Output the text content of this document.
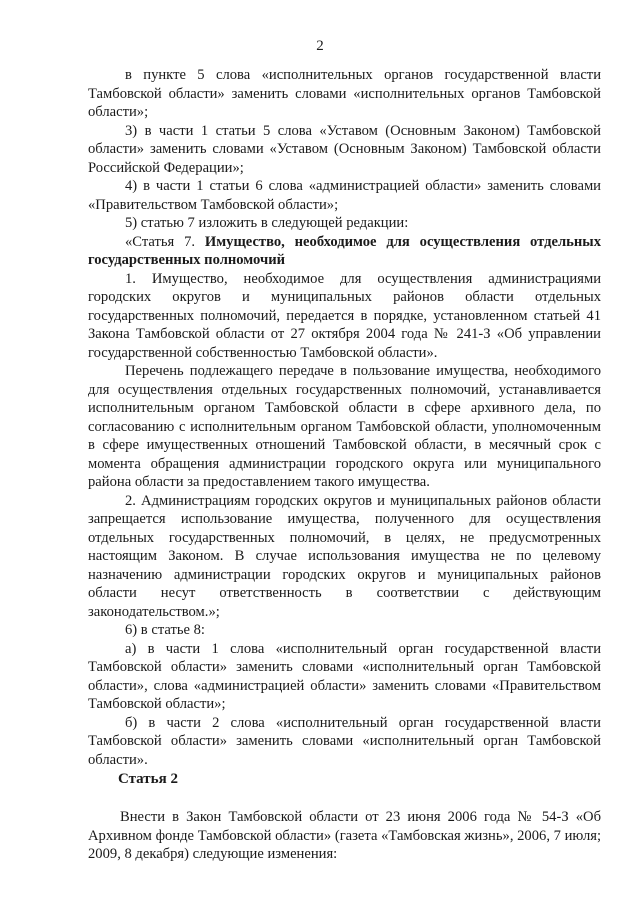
2

в пункте 5 слова «исполнительных органов государственной власти Тамбовской области» заменить словами «исполнительных органов Тамбовской области»;

3) в части 1 статьи 5 слова «Уставом (Основным Законом) Тамбовской области» заменить словами «Уставом (Основным Законом) Тамбовской области Российской Федерации»;

4) в части 1 статьи 6 слова «администрацией области» заменить словами «Правительством Тамбовской области»;

5) статью 7 изложить в следующей редакции:

«Статья 7. Имущество, необходимое для осуществления отдельных государственных полномочий

1. Имущество, необходимое для осуществления администрациями городских округов и муниципальных районов области отдельных государственных полномочий, передается в порядке, установленном статьей 41 Закона Тамбовской области от 27 октября 2004 года № 241-З «Об управлении государственной собственностью Тамбовской области».

Перечень подлежащего передаче в пользование имущества, необходимого для осуществления отдельных государственных полномочий, устанавливается исполнительным органом Тамбовской области в сфере архивного дела, по согласованию с исполнительным органом Тамбовской области, уполномоченным в сфере имущественных отношений Тамбовской области, в месячный срок с момента обращения администрации городского округа или муниципального района области за предоставлением такого имущества.

2. Администрациям городских округов и муниципальных районов области запрещается использование имущества, полученного для осуществления отдельных государственных полномочий, в целях, не предусмотренных настоящим Законом. В случае использования имущества не по целевому назначению администрации городских округов и муниципальных районов области несут ответственность в соответствии с действующим законодательством.»;

6) в статье 8:

а) в части 1 слова «исполнительный орган государственной власти Тамбовской области» заменить словами «исполнительный орган Тамбовской области», слова «администрацией области» заменить словами «Правительством Тамбовской области»;

б) в части 2 слова «исполнительный орган государственной власти Тамбовской области» заменить словами «исполнительный орган Тамбовской области».

Статья 2

Внести в Закон Тамбовской области от 23 июня 2006 года № 54-З «Об Архивном фонде Тамбовской области» (газета «Тамбовская жизнь», 2006, 7 июля; 2009, 8 декабря) следующие изменения:
